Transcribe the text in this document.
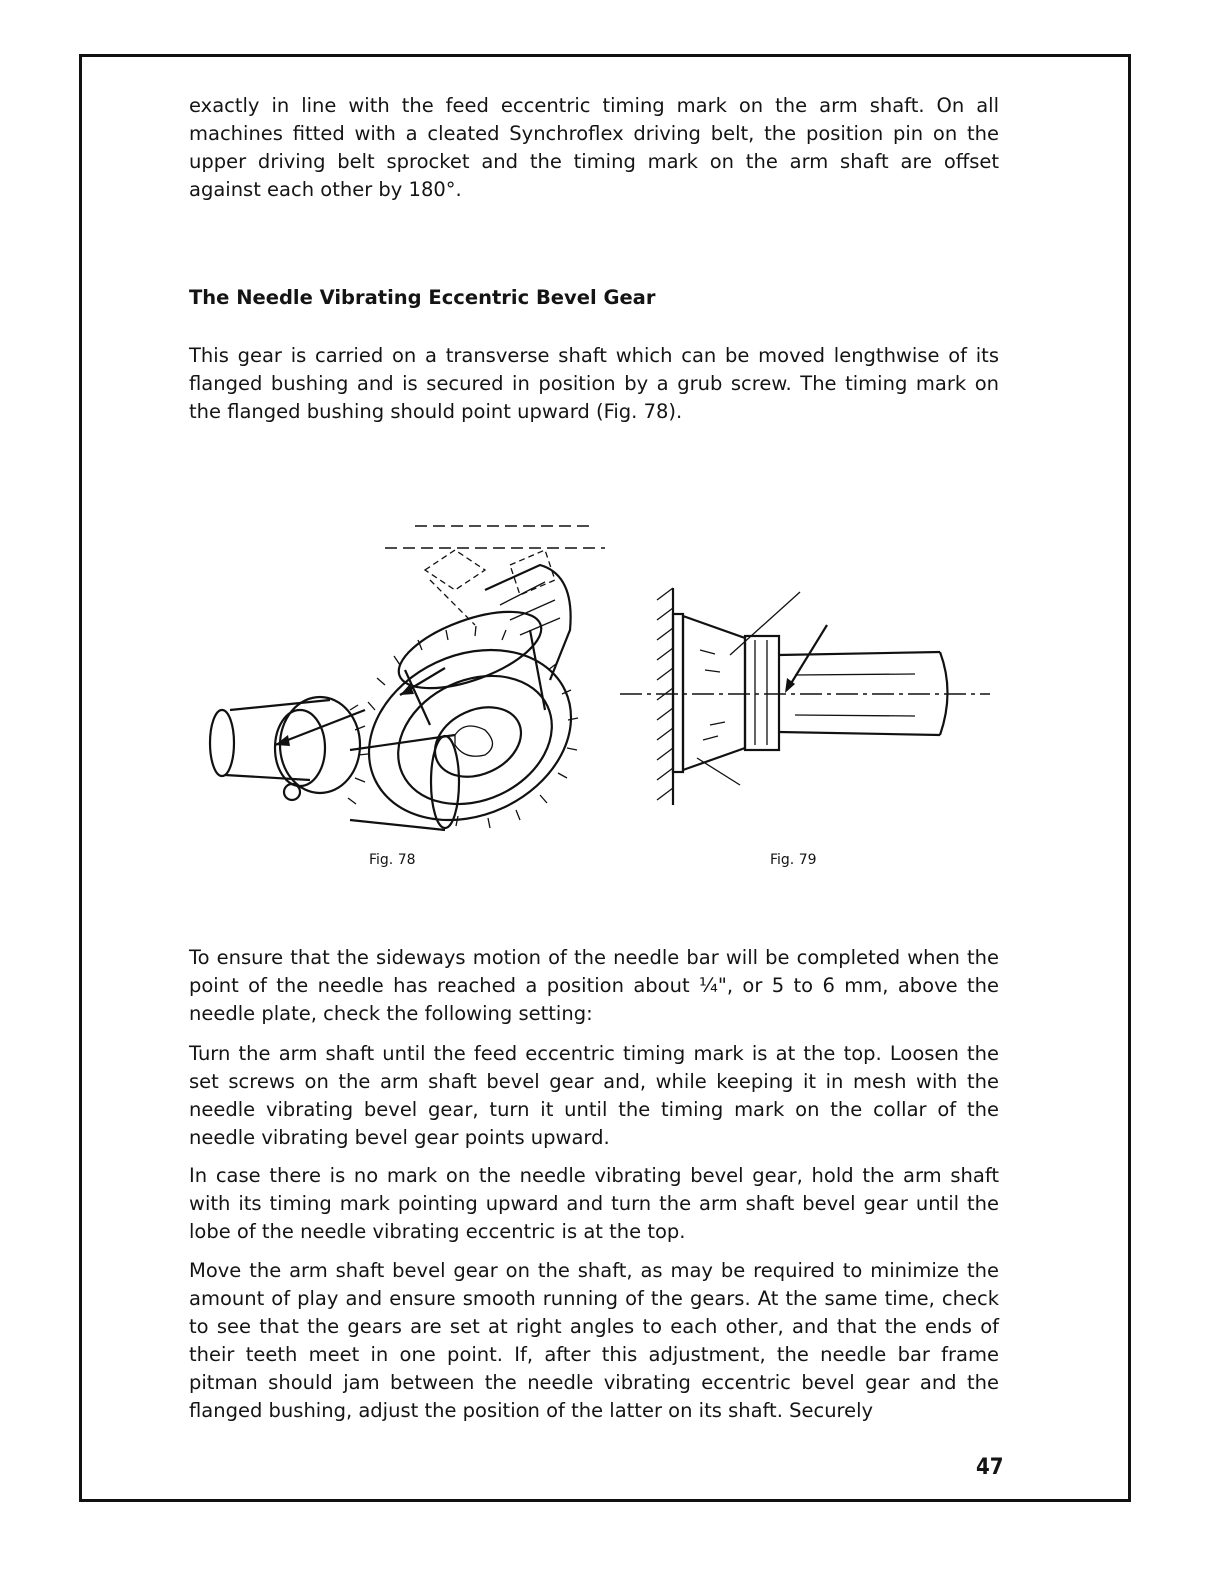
exactly in line with the feed eccentric timing mark on the arm shaft. On all machines fitted with a cleated Synchroflex driving belt, the position pin on the upper driving belt sprocket and the timing mark on the arm shaft are offset against each other by 180°.

The Needle Vibrating Eccentric Bevel Gear

This gear is carried on a transverse shaft which can be moved lengthwise of its flanged bushing and is secured in position by a grub screw. The timing mark on the flanged bushing should point upward (Fig. 78).

Fig. 78	Fig. 79

To ensure that the sideways motion of the needle bar will be completed when the point of the needle has reached a position about ¼", or 5 to 6 mm, above the needle plate, check the following setting:

Turn the arm shaft until the feed eccentric timing mark is at the top. Loosen the set screws on the arm shaft bevel gear and, while keeping it in mesh with the needle vibrating bevel gear, turn it until the timing mark on the collar of the needle vibrating bevel gear points upward.

In case there is no mark on the needle vibrating bevel gear, hold the arm shaft with its timing mark pointing upward and turn the arm shaft bevel gear until the lobe of the needle vibrating eccentric is at the top.

Move the arm shaft bevel gear on the shaft, as may be required to minimize the amount of play and ensure smooth running of the gears. At the same time, check to see that the gears are set at right angles to each other, and that the ends of their teeth meet in one point. If, after this adjustment, the needle bar frame pitman should jam between the needle vibrating eccentric bevel gear and the flanged bushing, adjust the position of the latter on its shaft. Securely

47
